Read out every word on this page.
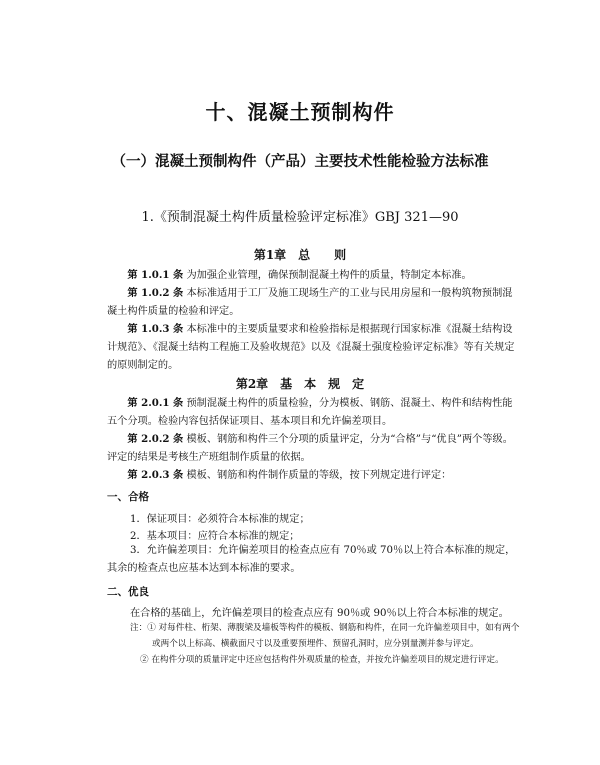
十、混凝土预制构件
（一）混凝土预制构件（产品）主要技术性能检验方法标准
1.《预制混凝土构件质量检验评定标准》GBJ 321—90
第1章　总　　则
第 1.0.1 条 为加强企业管理，确保预制混凝土构件的质量，特制定本标准。
第 1.0.2 条 本标准适用于工厂及施工现场生产的工业与民用房屋和一般构筑物预制混凝土构件质量的检验和评定。
第 1.0.3 条 本标准中的主要质量要求和检验指标是根据现行国家标准《混凝土结构设计规范》、《混凝土结构工程施工及验收规范》以及《混凝土强度检验评定标准》等有关规定的原则制定的。
第2章　基　本　规　定
第 2.0.1 条 预制混凝土构件的质量检验，分为模板、钢筋、混凝土、构件和结构性能五个分项。检验内容包括保证项目、基本项目和允许偏差项目。
第 2.0.2 条 模板、钢筋和构件三个分项的质量评定，分为“合格”与“优良”两个等级。评定的结果是考核生产班组制作质量的依据。
第 2.0.3 条 模板、钢筋和构件制作质量的等级，按下列规定进行评定：
一、合格
1．保证项目：必须符合本标准的规定；
2．基本项目：应符合本标准的规定；
3．允许偏差项目：允许偏差项目的检查点应有 70％或 70％以上符合本标准的规定，其余的检查点也应基本达到本标准的要求。
二、优良
在合格的基础上，允许偏差项目的检查点应有 90％或 90％以上符合本标准的规定。
注：① 对每件柱、桁架、薄腹梁及墙板等构件的模板、钢筋和构件，在同一允许偏差项目中，如有两个
或两个以上标高、横截面尺寸以及重要预埋件、预留孔洞时，应分别量测并参与评定。
② 在构件分项的质量评定中还应包括构件外观质量的检查，并按允许偏差项目的规定进行评定。
